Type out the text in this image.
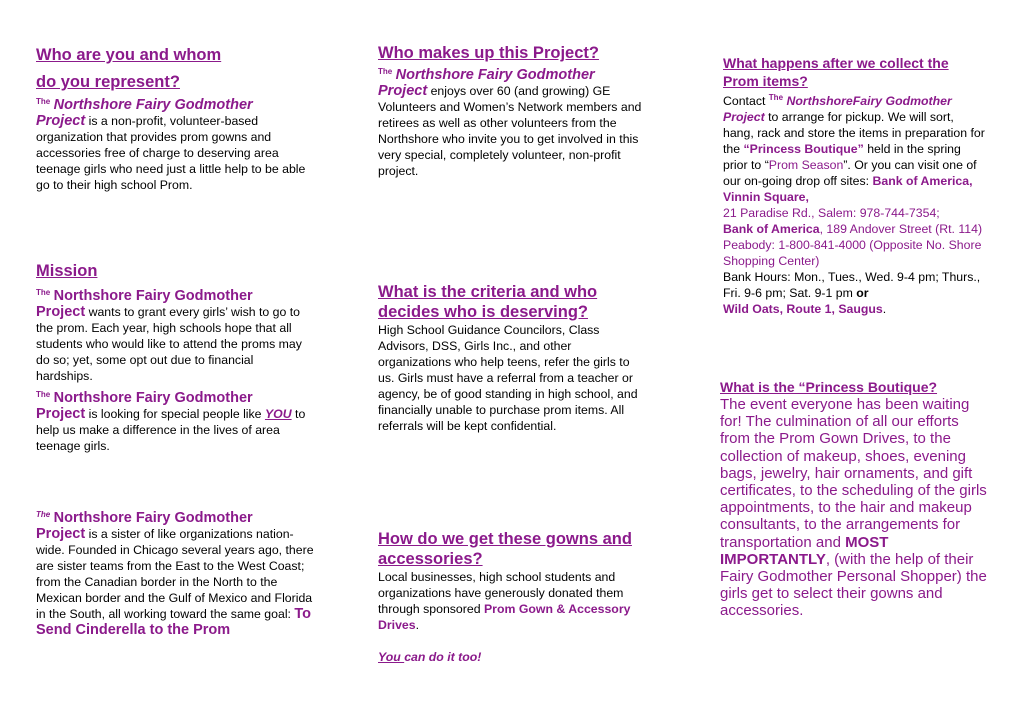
Who are you and whom
do you represent?

$^{The}$ Northshore Fairy Godmother
Project is a non-profit, volunteer-based organization that provides prom gowns and accessories free of charge to deserving area teenage girls who need just a little help to be able go to their high school Prom.

Mission

$^{The}$ Northshore Fairy Godmother
Project wants to grant every girls’ wish to go to the prom. Each year, high schools hope that all students who would like to attend the proms may do so; yet, some opt out due to financial hardships.

$^{The}$ Northshore Fairy Godmother
Project is looking for special people like YOU to help us make a difference in the lives of area teenage girls.

$^{The}$ Northshore Fairy Godmother
Project is a sister of like organizations nation-wide. Founded in Chicago several years ago, there are sister teams from the East to the West Coast; from the Canadian border in the North to the Mexican border and the Gulf of Mexico and Florida in the South, all working toward the same goal: To Send Cinderella to the Prom

Who makes up this Project?

$^{The}$ Northshore Fairy Godmother
Project enjoys over 60 (and growing) GE Volunteers and Women’s Network members and retirees as well as other volunteers from the Northshore who invite you to get involved in this very special, completely volunteer, non-profit project.

What is the criteria and who decides who is deserving?

High School Guidance Councilors, Class Advisors, DSS, Girls Inc., and other organizations who help teens, refer the girls to us. Girls must have a referral from a teacher or agency, be of good standing in high school, and financially unable to purchase prom items. All referrals will be kept confidential.

How do we get these gowns and accessories?

Local businesses, high school students and organizations have generously donated them through sponsored Prom Gown & Accessory Drives.

You can do it too!

What happens after we collect the Prom items?

Contact $^{The}$ NorthshoreFairy Godmother Project to arrange for pickup. We will sort, hang, rack and store the items in preparation for the “Princess Boutique” held in the spring prior to “Prom Season”. Or you can visit one of our on-going drop off sites: Bank of America, Vinnin Square,

21 Paradise Rd., Salem: 978-744-7354;

Bank of America, 189 Andover Street (Rt. 114) Peabody: 1-800-841-4000 (Opposite No. Shore Shopping Center)

Bank Hours: Mon., Tues., Wed. 9-4 pm; Thurs., Fri. 9-6 pm; Sat. 9-1 pm or

Wild Oats, Route 1, Saugus.

What is the “Princess Boutique?

The event everyone has been waiting for! The culmination of all our efforts from the Prom Gown Drives, to the collection of makeup, shoes, evening bags, jewelry, hair ornaments, and gift certificates, to the scheduling of the girls appointments, to the hair and makeup consultants, to the arrangements for transportation and MOST IMPORTANTLY, (with the help of their Fairy Godmother Personal Shopper) the girls get to select their gowns and accessories.
